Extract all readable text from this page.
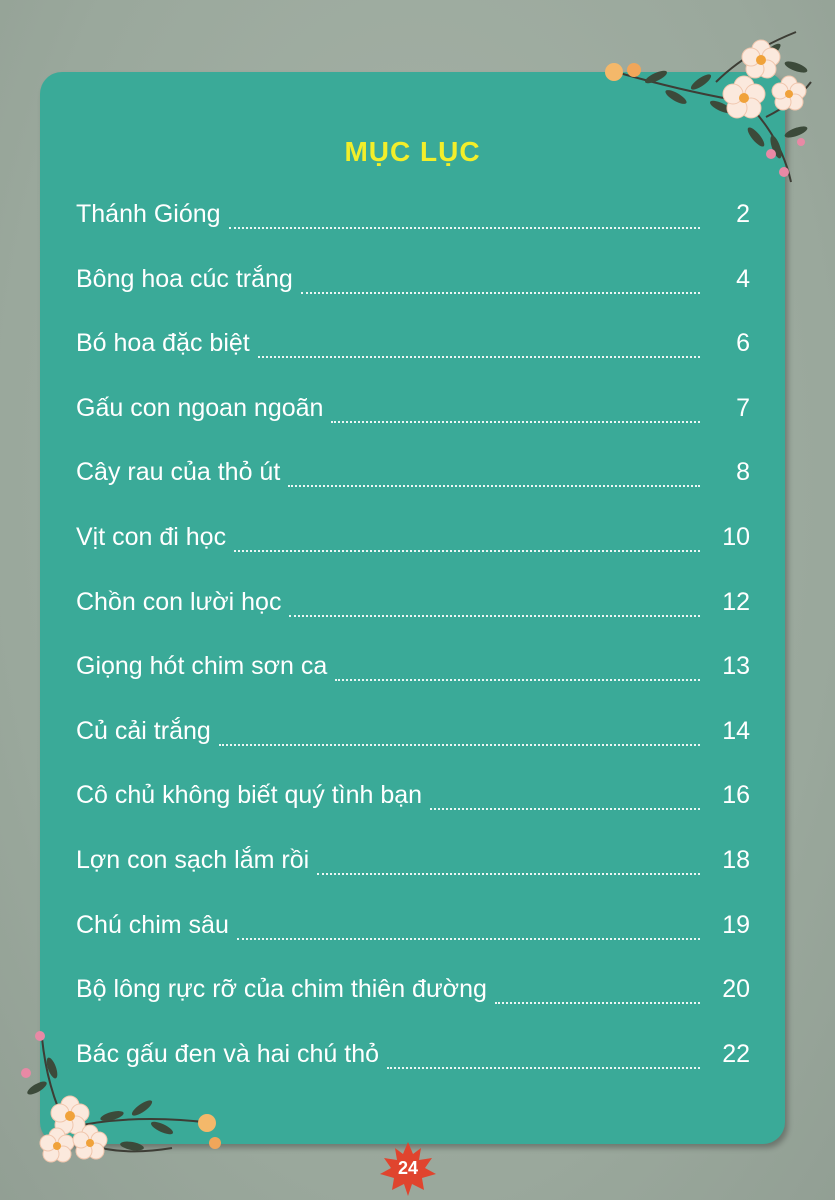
MỤC LỤC
Thánh Gióng	2
Bông hoa cúc trắng	4
Bó hoa đặc biệt	6
Gấu con ngoan ngoãn	7
Cây rau của thỏ út	8
Vịt con đi học	10
Chồn con lười học	12
Giọng hót chim sơn ca	13
Củ cải trắng	14
Cô chủ không biết quý tình bạn	16
Lợn con sạch lắm rồi	18
Chú chim sâu	19
Bộ lông rực rỡ của chim thiên đường	20
Bác gấu đen và hai chú thỏ	22
24
